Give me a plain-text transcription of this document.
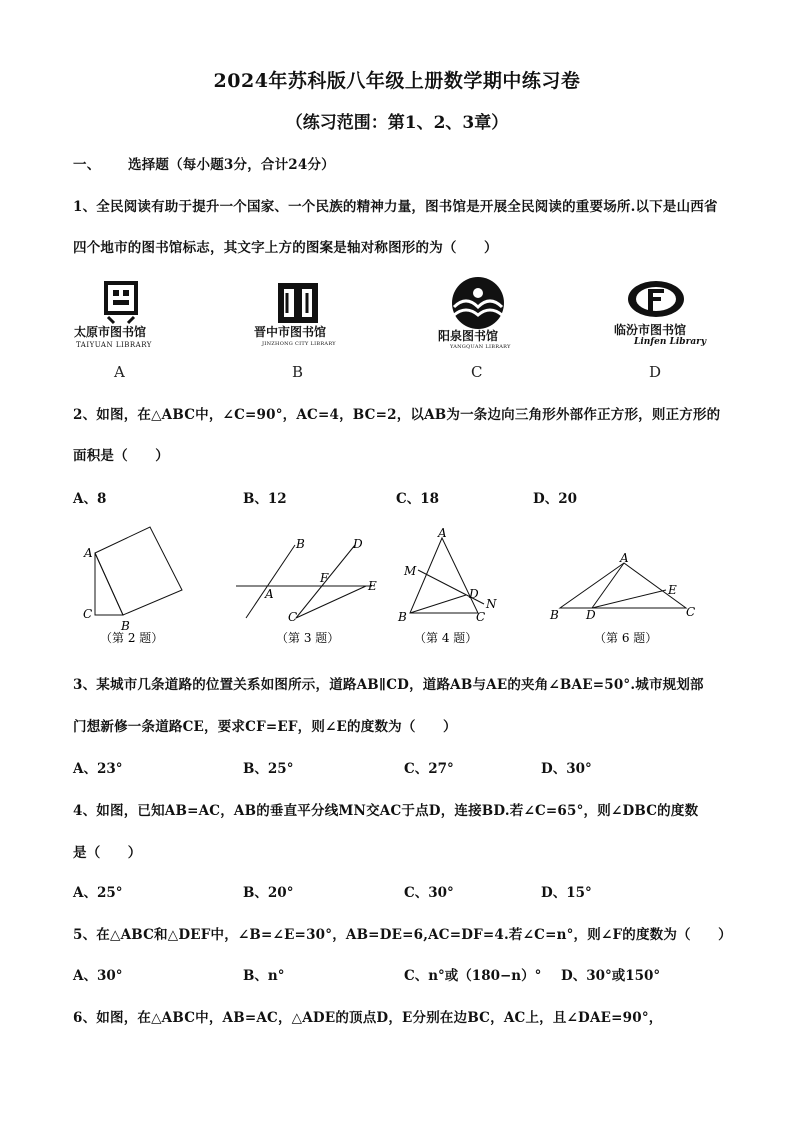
2024年苏科版八年级上册数学期中练习卷
（练习范围：第1、2、3章）
一、 选择题（每小题3分，合计24分）
1、全民阅读有助于提升一个国家、一个民族的精神力量，图书馆是开展全民阅读的重要场所.以下是山西省
四个地市的图书馆标志，其文字上方的图案是轴对称图形的为（　　）
太原市图书馆
TAIYUAN LIBRARY
A
晋中市图书馆
JINZHONG CITY LIBRARY
B
阳泉图书馆
YANGQUAN LIBRARY
C
临汾市图书馆
Linfen Library
D
2、如图，在△ABC中，∠C=90°，AC=4，BC=2，以AB为一条边向三角形外部作正方形，则正方形的
面积是（　　）
A、8	B、12	C、18	D、20
A
B
C
（第 2 题）
B	D
A
F
E
C
（第 3 题）
A
B	C
D
M
N
（第 4 题）
A
B	C
D
E
（第 6 题）
3、某城市几条道路的位置关系如图所示，道路AB∥CD，道路AB与AE的夹角∠BAE=50°.城市规划部
门想新修一条道路CE，要求CF=EF，则∠E的度数为（　　）
A、23°	B、25°	C、27°	D、30°
4、如图，已知AB=AC，AB的垂直平分线MN交AC于点D，连接BD.若∠C=65°，则∠DBC的度数
是（　　）
A、25°	B、20°	C、30°	D、15°
5、在△ABC和△DEF中，∠B=∠E=30°，AB=DE=6,AC=DF=4.若∠C=n°，则∠F的度数为（　　）
A、30°	B、n°	C、n°或（180−n）° D、30°或150°
6、如图，在△ABC中，AB=AC，△ADE的顶点D，E分别在边BC，AC上，且∠DAE=90°，
